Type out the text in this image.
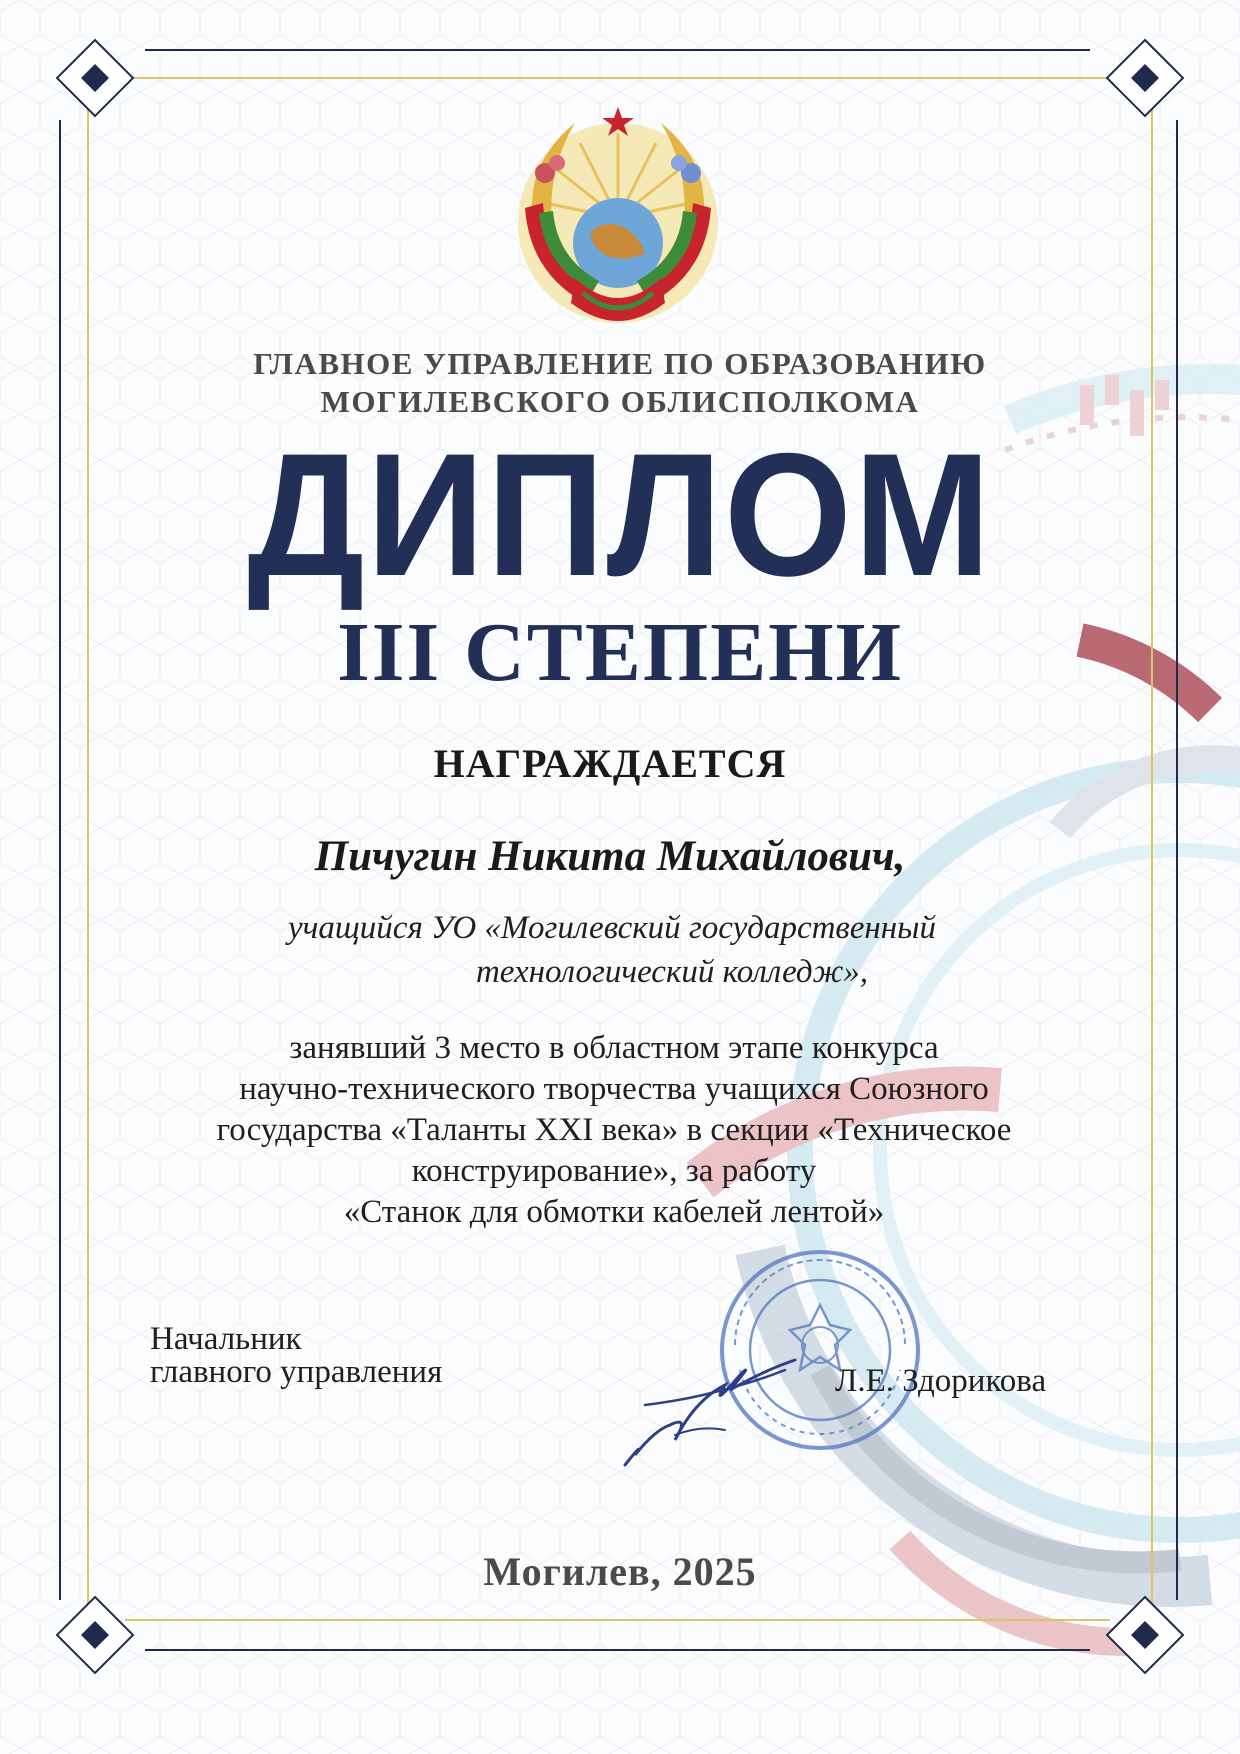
ГЛАВНОЕ УПРАВЛЕНИЕ ПО ОБРАЗОВАНИЮ
МОГИЛЕВСКОГО ОБЛИСПОЛКОМА
ДИПЛОМ
III СТЕПЕНИ
НАГРАЖДАЕТСЯ
Пичугин Никита Михайлович,
учащийся УО «Могилевский государственный
технологический колледж»,
занявший 3 место в областном этапе конкурса
научно-технического творчества учащихся Союзного
государства «Таланты XXI века» в секции «Техническое
конструирование», за работу
«Станок для обмотки кабелей лентой»
Начальник
главного управления	Л.Е. Здорикова
Могилев, 2025
